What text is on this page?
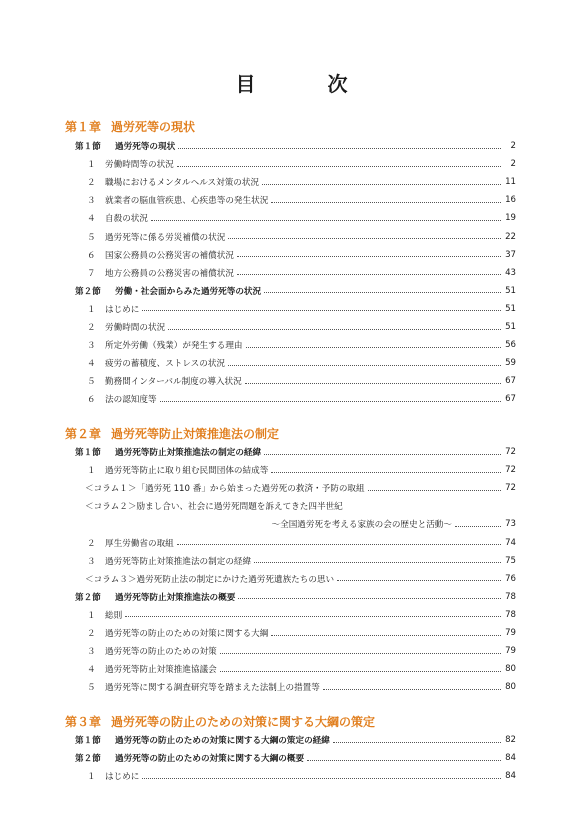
目　次
第１章 過労死等の現状
第１節	過労死等の現状	2
１	労働時間等の状況	2
２	職場におけるメンタルヘルス対策の状況	11
３	就業者の脳血管疾患、心疾患等の発生状況	16
４	自殺の状況	19
５	過労死等に係る労災補償の状況	22
６	国家公務員の公務災害の補償状況	37
７	地方公務員の公務災害の補償状況	43
第２節	労働・社会面からみた過労死等の状況	51
１	はじめに	51
２	労働時間の状況	51
３	所定外労働（残業）が発生する理由	56
４	疲労の蓄積度、ストレスの状況	59
５	勤務間インターバル制度の導入状況	67
６	法の認知度等	67
第２章 過労死等防止対策推進法の制定
第１節	過労死等防止対策推進法の制定の経緯	72
１	過労死等防止に取り組む民間団体の結成等	72
＜コラム１＞ 「過労死 110 番」から始まった過労死の救済・予防の取組	72
＜コラム２＞ 励まし合い、社会に過労死問題を訴えてきた四半世紀
～全国過労死を考える家族の会の歴史と活動～	73
２	厚生労働省の取組	74
３	過労死等防止対策推進法の制定の経緯	75
＜コラム３＞ 過労死防止法の制定にかけた過労死遺族たちの思い	76
第２節	過労死等防止対策推進法の概要	78
１	総則	78
２	過労死等の防止のための対策に関する大綱	79
３	過労死等の防止のための対策	79
４	過労死等防止対策推進協議会	80
５	過労死等に関する調査研究等を踏まえた法制上の措置等	80
第３章 過労死等の防止のための対策に関する大綱の策定
第１節	過労死等の防止のための対策に関する大綱の策定の経緯	82
第２節	過労死等の防止のための対策に関する大綱の概要	84
１	はじめに	84
